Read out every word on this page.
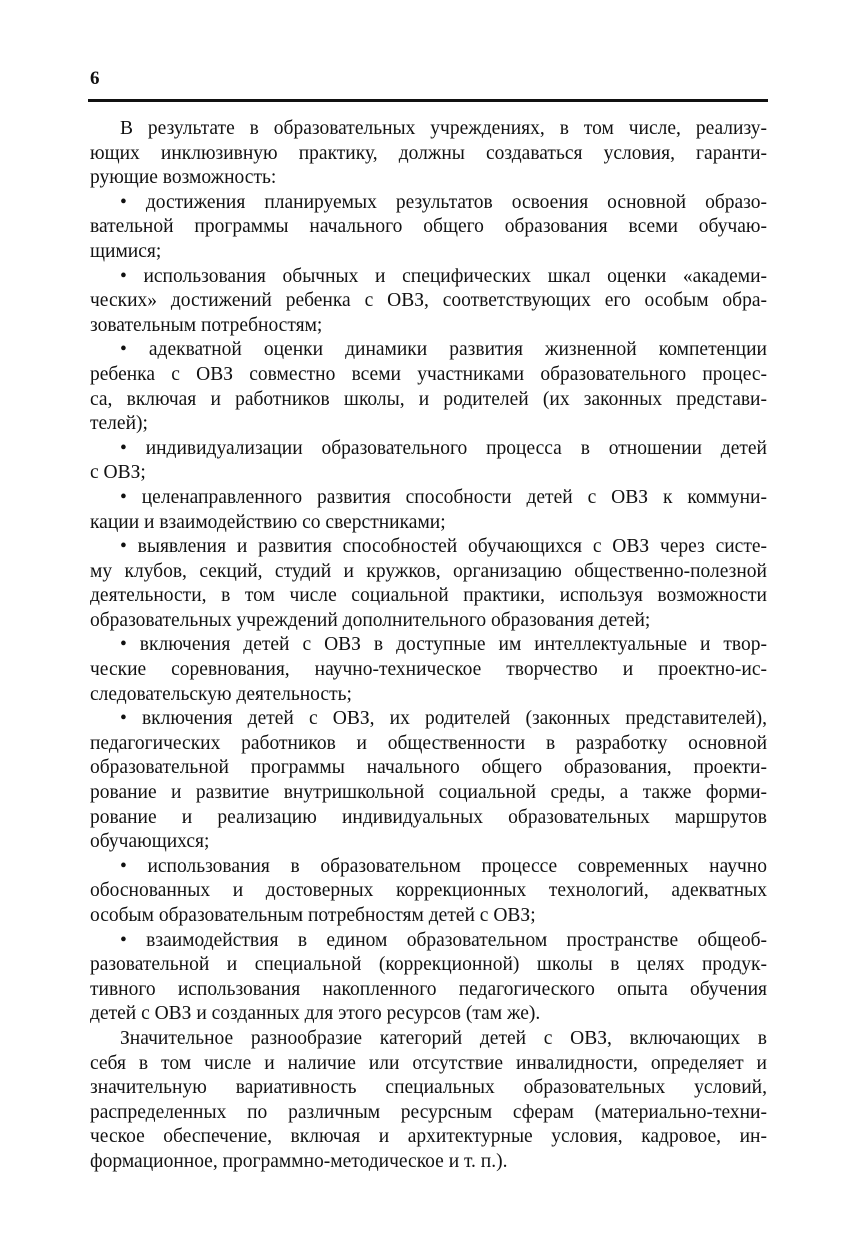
6
В результате в образовательных учреждениях, в том числе, реализу-
ющих инклюзивную практику, должны создаваться условия, гаранти-
рующие возможность:
• достижения планируемых результатов освоения основной образо-
вательной программы начального общего образования всеми обучаю-
щимися;
• использования обычных и специфических шкал оценки «академи-
ческих» достижений ребенка с ОВЗ, соответствующих его особым обра-
зовательным потребностям;
• адекватной оценки динамики развития жизненной компетенции
ребенка с ОВЗ совместно всеми участниками образовательного процес-
са, включая и работников школы, и родителей (их законных представи-
телей);
• индивидуализации образовательного процесса в отношении детей
с ОВЗ;
• целенаправленного развития способности детей с ОВЗ к коммуни-
кации и взаимодействию со сверстниками;
• выявления и развития способностей обучающихся с ОВЗ через систе-
му клубов, секций, студий и кружков, организацию общественно-полезной
деятельности, в том числе социальной практики, используя возможности
образовательных учреждений дополнительного образования детей;
• включения детей с ОВЗ в доступные им интеллектуальные и твор-
ческие соревнования, научно-техническое творчество и проектно-ис-
следовательскую деятельность;
• включения детей с ОВЗ, их родителей (законных представителей),
педагогических работников и общественности в разработку основной
образовательной программы начального общего образования, проекти-
рование и развитие внутришкольной социальной среды, а также форми-
рование и реализацию индивидуальных образовательных маршрутов
обучающихся;
• использования в образовательном процессе современных научно
обоснованных и достоверных коррекционных технологий, адекватных
особым образовательным потребностям детей с ОВЗ;
• взаимодействия в едином образовательном пространстве общеоб-
разовательной и специальной (коррекционной) школы в целях продук-
тивного использования накопленного педагогического опыта обучения
детей с ОВЗ и созданных для этого ресурсов (там же).
Значительное разнообразие категорий детей с ОВЗ, включающих в
себя в том числе и наличие или отсутствие инвалидности, определяет и
значительную вариативность специальных образовательных условий,
распределенных по различным ресурсным сферам (материально-техни-
ческое обеспечение, включая и архитектурные условия, кадровое, ин-
формационное, программно-методическое и т. п.).
